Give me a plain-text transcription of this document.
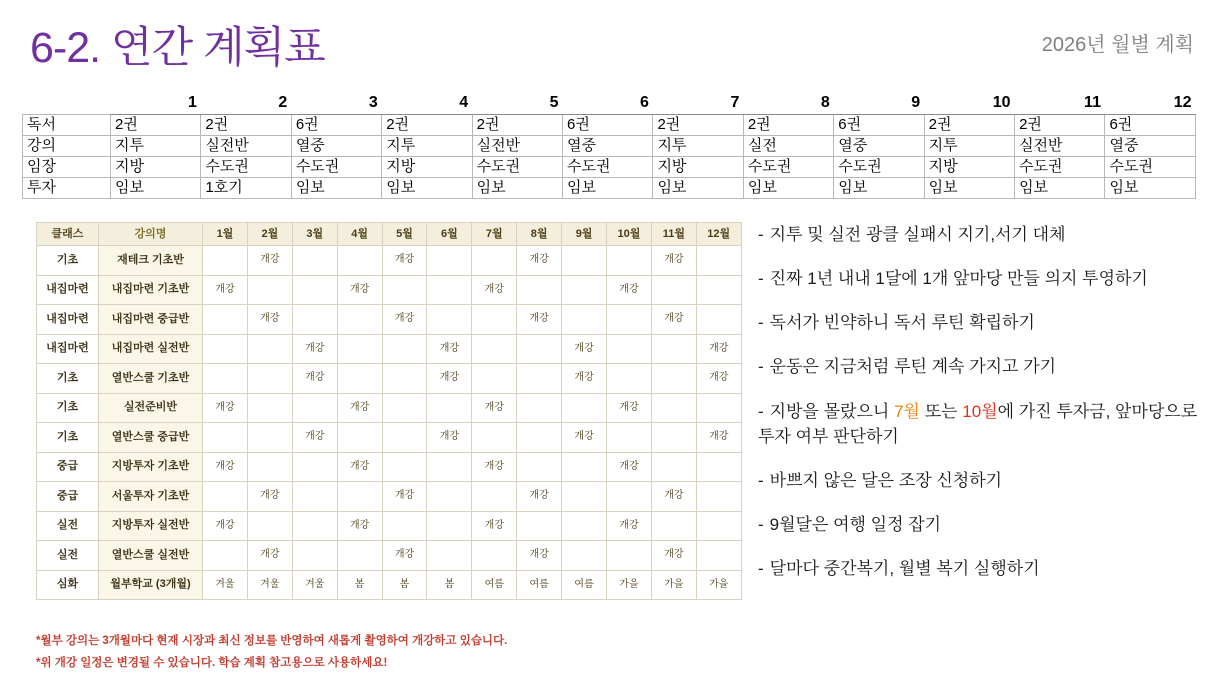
6-2. 연간 계획표	2026년 월별 계획
	1	2	3	4	5	6	7	8	9	10	11	12
독서	2권	2권	6권	2권	2권	6권	2권	2권	6권	2권	2권	6권
강의	지투	실전반	열중	지투	실전반	열중	지투	실전	열중	지투	실전반	열중
임장	지방	수도권	수도권	지방	수도권	수도권	지방	수도권	수도권	지방	수도권	수도권
투자	임보	1호기	임보	임보	임보	임보	임보	임보	임보	임보	임보	임보
클래스	강의명	1월	2월	3월	4월	5월	6월	7월	8월	9월	10월	11월	12월
기초	재테크 기초반		개강			개강			개강			개강	
내집마련	내집마련 기초반	개강			개강			개강			개강		
내집마련	내집마련 중급반		개강			개강			개강			개강	
내집마련	내집마련 실전반			개강			개강			개강			개강
기초	열반스쿨 기초반			개강			개강			개강			개강
기초	실전준비반	개강			개강			개강			개강		
기초	열반스쿨 중급반			개강			개강			개강			개강
중급	지방투자 기초반	개강			개강			개강			개강		
중급	서울투자 기초반		개강			개강			개강			개강	
실전	지방투자 실전반	개강			개강			개강			개강		
실전	열반스쿨 실전반		개강			개강			개강			개강	
심화	월부학교 (3개월)	겨울	겨울	겨울	봄	봄	봄	여름	여름	여름	가을	가을	가을
*월부 강의는 3개월마다 현재 시장과 최신 정보를 반영하여 새롭게 촬영하여 개강하고 있습니다.
*위 개강 일정은 변경될 수 있습니다. 학습 계획 참고용으로 사용하세요!
- 지투 및 실전 광클 실패시 지기,서기 대체
- 진짜 1년 내내 1달에 1개 앞마당 만들 의지 투영하기
- 독서가 빈약하니 독서 루틴 확립하기
- 운동은 지금처럼 루틴 계속 가지고 가기
- 지방을 몰랐으니 7월 또는 10월에 가진 투자금, 앞마당으로 투자 여부 판단하기
- 바쁘지 않은 달은 조장 신청하기
- 9월달은 여행 일정 잡기
- 달마다 중간복기, 월별 복기 실행하기
